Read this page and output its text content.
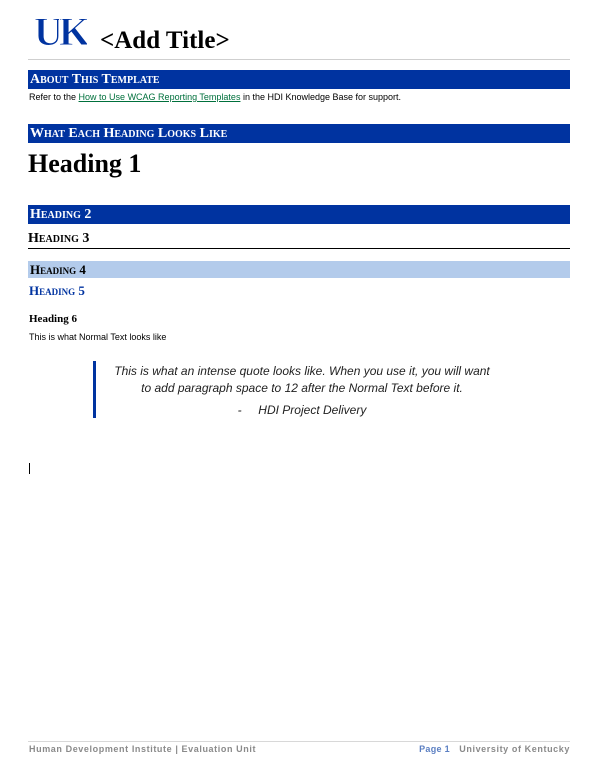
UK <Add Title>
About This Template
Refer to the How to Use WCAG Reporting Templates in the HDI Knowledge Base for support.
What Each Heading Looks Like
Heading 1
Heading 2
Heading 3
Heading 4
Heading 5
Heading 6
This is what Normal Text looks like
This is what an intense quote looks like. When you use it, you will want
to add paragraph space to 12 after the Normal Text before it.
-     HDI Project Delivery
Human Development Institute | Evaluation Unit	Page 1 University of Kentucky
